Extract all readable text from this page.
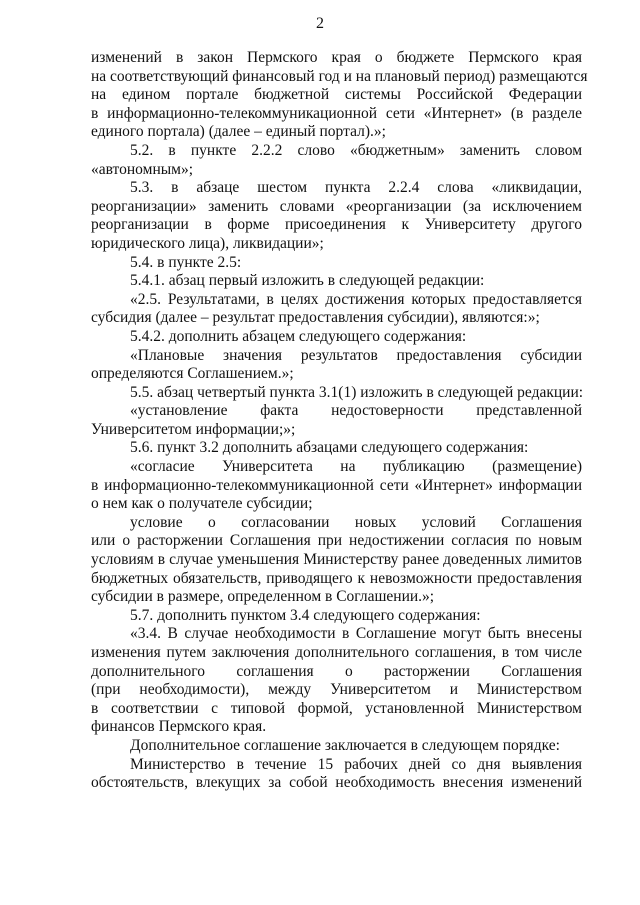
2
изменений в закон Пермского края о бюджете Пермского края
на соответствующий финансовый год и на плановый период) размещаются
на едином портале бюджетной системы Российской Федерации
в информационно-телекоммуникационной сети «Интернет» (в разделе
единого портала) (далее – единый портал).»;
5.2. в пункте 2.2.2 слово «бюджетным» заменить словом
«автономным»;
5.3. в абзаце шестом пункта 2.2.4 слова «ликвидации,
реорганизации» заменить словами «реорганизации (за исключением
реорганизации в форме присоединения к Университету другого
юридического лица), ликвидации»;
5.4. в пункте 2.5:
5.4.1. абзац первый изложить в следующей редакции:
«2.5. Результатами, в целях достижения которых предоставляется
субсидия (далее – результат предоставления субсидии), являются:»;
5.4.2. дополнить абзацем следующего содержания:
«Плановые значения результатов предоставления субсидии
определяются Соглашением.»;
5.5. абзац четвертый пункта 3.1(1) изложить в следующей редакции:
«установление факта недостоверности представленной
Университетом информации;»;
5.6. пункт 3.2 дополнить абзацами следующего содержания:
«согласие Университета на публикацию (размещение)
в информационно-телекоммуникационной сети «Интернет» информации
о нем как о получателе субсидии;
условие о согласовании новых условий Соглашения
или о расторжении Соглашения при недостижении согласия по новым
условиям в случае уменьшения Министерству ранее доведенных лимитов
бюджетных обязательств, приводящего к невозможности предоставления
субсидии в размере, определенном в Соглашении.»;
5.7. дополнить пунктом 3.4 следующего содержания:
«3.4. В случае необходимости в Соглашение могут быть внесены
изменения путем заключения дополнительного соглашения, в том числе
дополнительного соглашения о расторжении Соглашения
(при необходимости), между Университетом и Министерством
в соответствии с типовой формой, установленной Министерством
финансов Пермского края.
Дополнительное соглашение заключается в следующем порядке:
Министерство в течение 15 рабочих дней со дня выявления
обстоятельств, влекущих за собой необходимость внесения изменений
